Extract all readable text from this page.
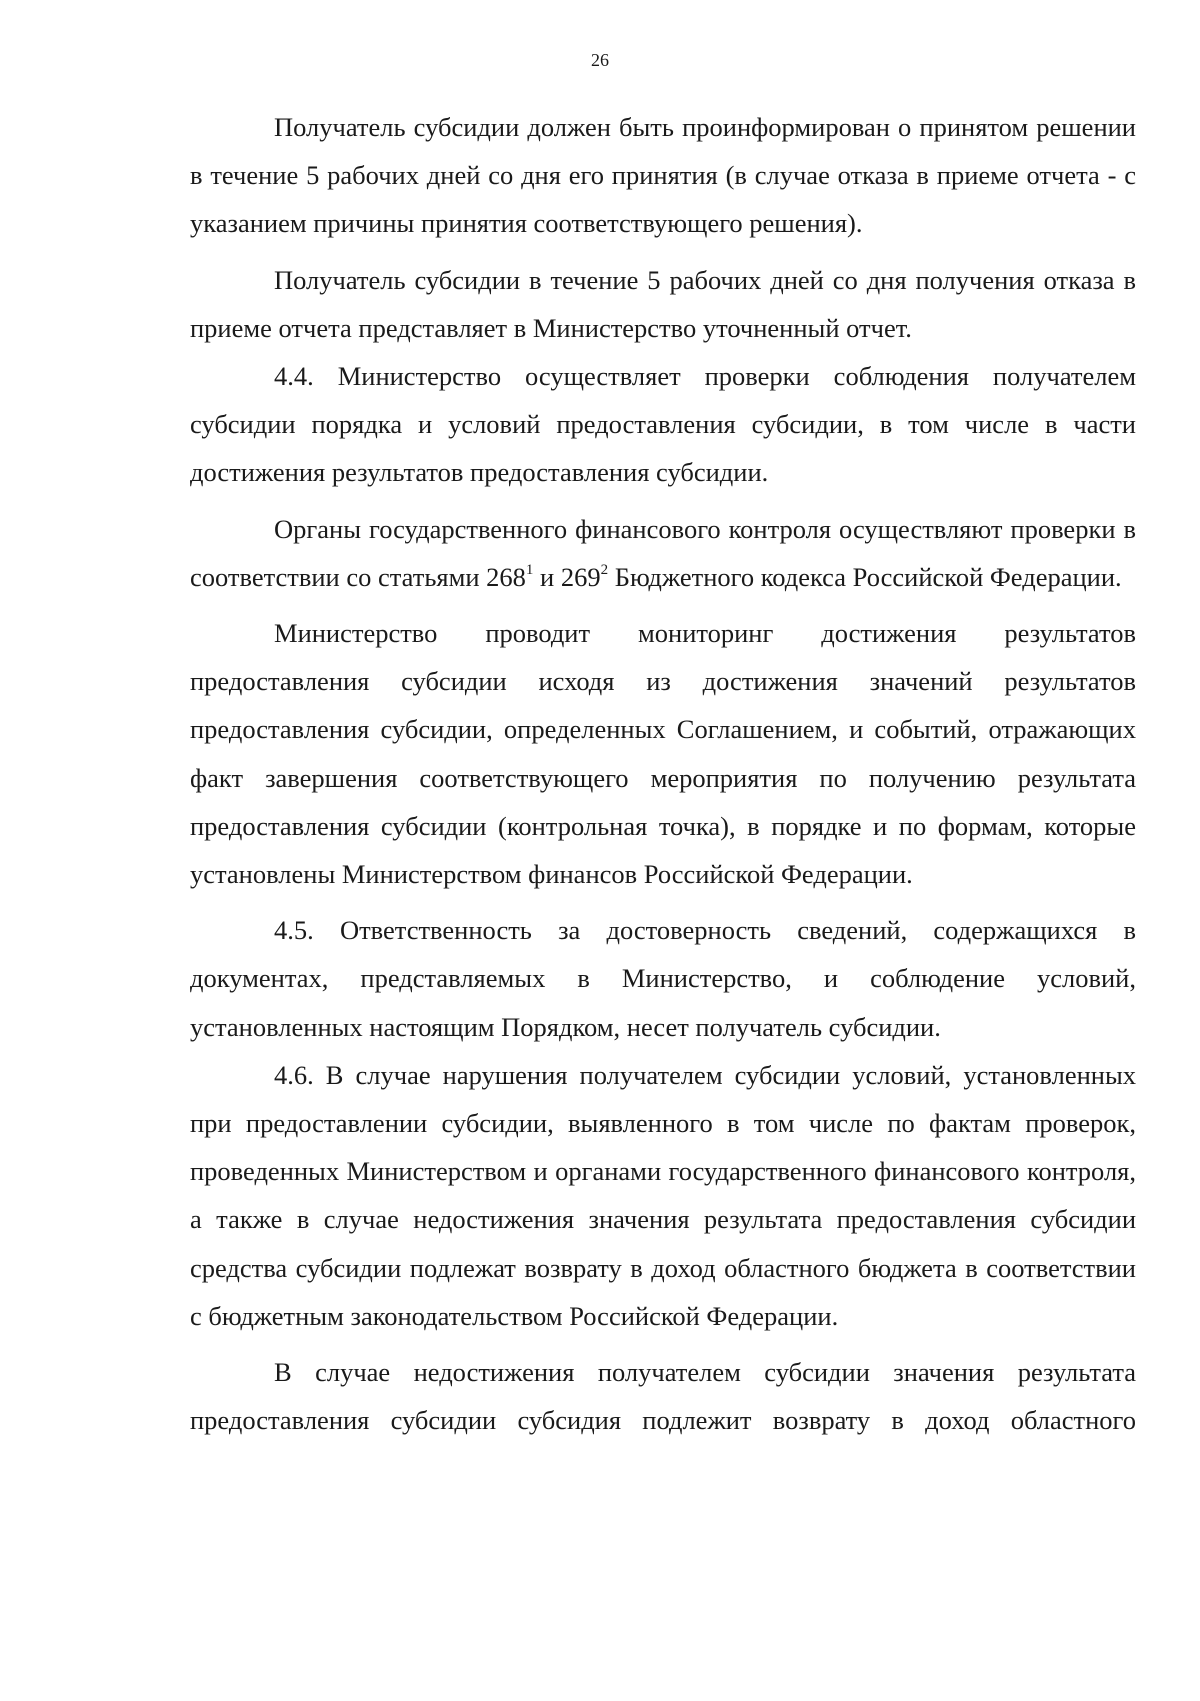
26

Получатель субсидии должен быть проинформирован о принятом решении в течение 5 рабочих дней со дня его принятия (в случае отказа в приеме отчета - с указанием причины принятия соответствующего решения).

Получатель субсидии в течение 5 рабочих дней со дня получения отказа в приеме отчета представляет в Министерство уточненный отчет.

4.4. Министерство осуществляет проверки соблюдения получателем субсидии порядка и условий предоставления субсидии, в том числе в части достижения результатов предоставления субсидии.

Органы государственного финансового контроля осуществляют проверки в соответствии со статьями $268^1$ и $269^2$ Бюджетного кодекса Российской Федерации.

Министерство проводит мониторинг достижения результатов предоставления субсидии исходя из достижения значений результатов предоставления субсидии, определенных Соглашением, и событий, отражающих факт завершения соответствующего мероприятия по получению результата предоставления субсидии (контрольная точка), в порядке и по формам, которые установлены Министерством финансов Российской Федерации.

4.5. Ответственность за достоверность сведений, содержащихся в документах, представляемых в Министерство, и соблюдение условий, установленных настоящим Порядком, несет получатель субсидии.

4.6. В случае нарушения получателем субсидии условий, установленных при предоставлении субсидии, выявленного в том числе по фактам проверок, проведенных Министерством и органами государственного финансового контроля, а также в случае недостижения значения результата предоставления субсидии средства субсидии подлежат возврату в доход областного бюджета в соответствии с бюджетным законодательством Российской Федерации.

В случае недостижения получателем субсидии значения результата предоставления субсидии субсидия подлежит возврату в доход областного
